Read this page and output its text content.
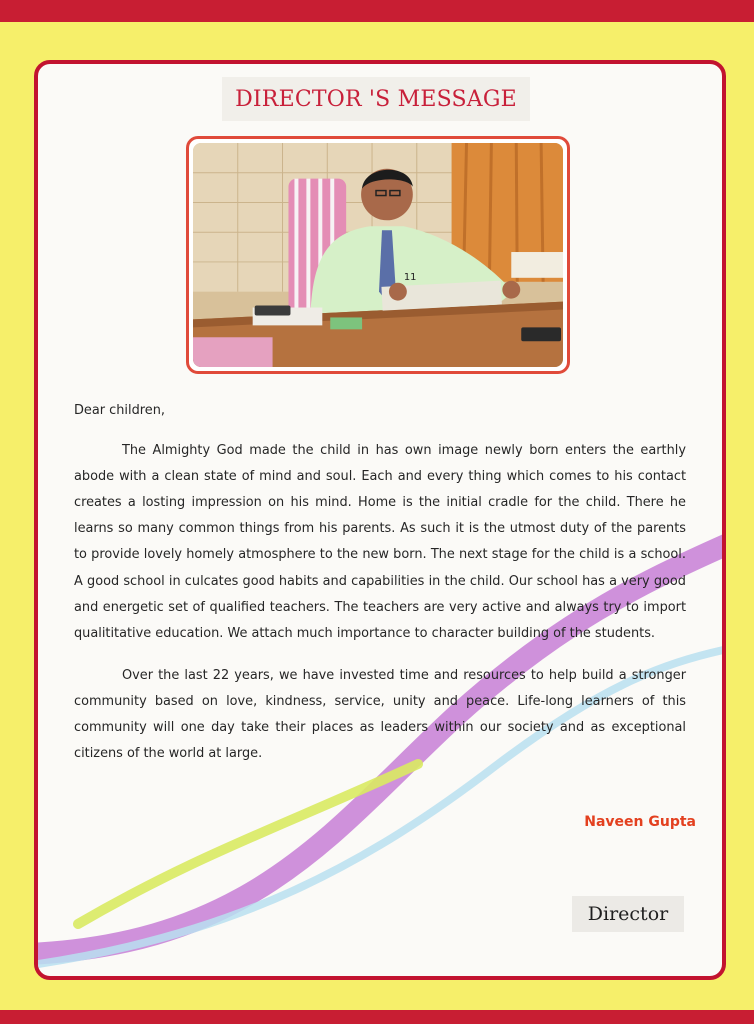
DIRECTOR 'S MESSAGE
11

Dear children,

The Almighty God made the child in has own image newly born enters the earthly abode with a clean state of mind and soul. Each and every thing which comes to his contact creates a losting impression on his mind. Home is the initial cradle for the child. There he learns so many common things from his parents. As such it is the utmost duty of the parents to provide lovely homely atmosphere to the new born. The next stage for the child is a school. A good school in culcates good habits and capabilities in the child. Our school has a very good and energetic set of qualified teachers. The teachers are very active and always try to import qualititative education. We attach much importance to character building of the students.

Over the last 22 years, we have invested time and resources to help build a stronger community based on love, kindness, service, unity and peace. Life-long learners of this community will one day take their places as leaders within our society and as exceptional citizens of the world at large.

Naveen Gupta
Director
